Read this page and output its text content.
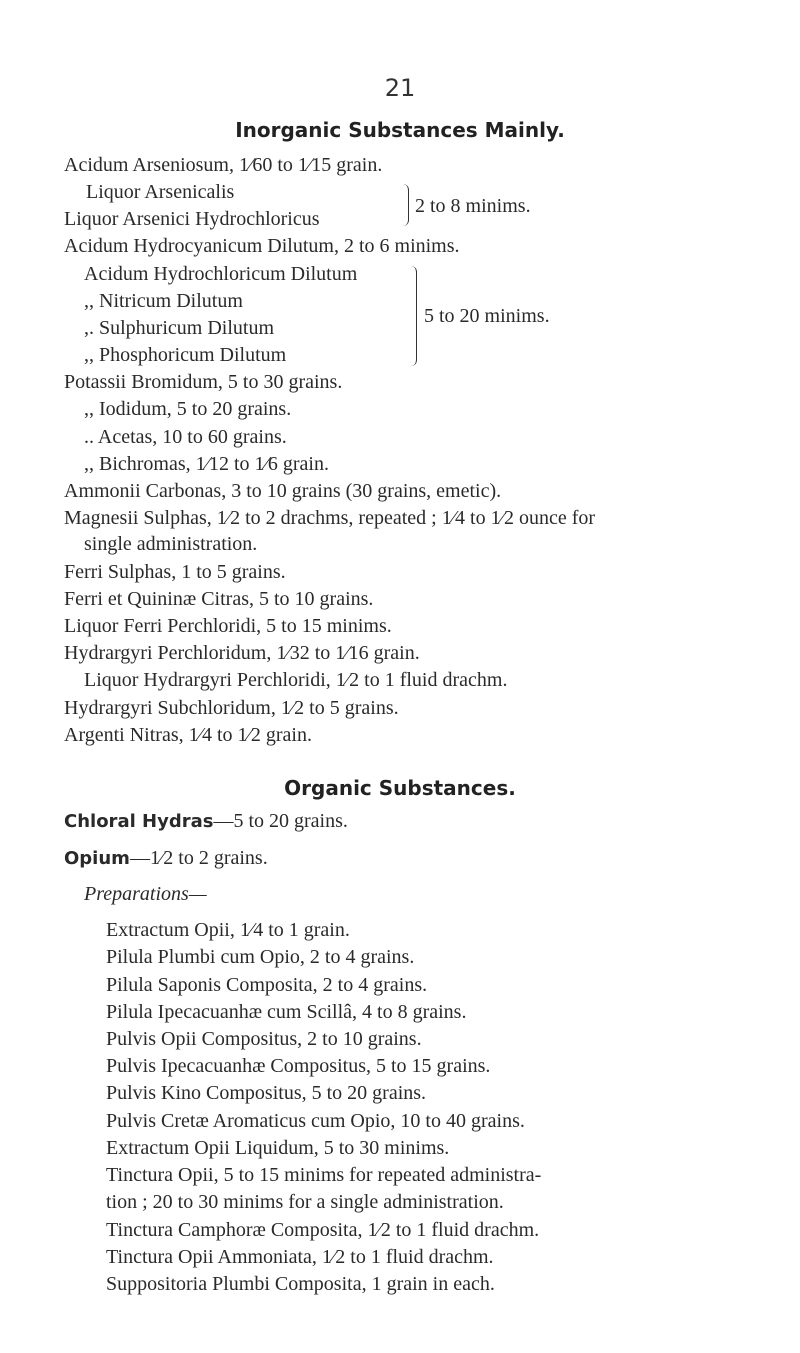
21
Inorganic Substances Mainly.
Acidum Arseniosum, 1⁄60 to 1⁄15 grain.
Liquor Arsenicalis
Liquor Arsenici Hydrochloricus
2 to 8 minims.
Acidum Hydrocyanicum Dilutum, 2 to 6 minims.
Acidum Hydrochloricum Dilutum
,, Nitricum Dilutum
,. Sulphuricum Dilutum
,, Phosphoricum Dilutum
5 to 20 minims.
Potassii Bromidum, 5 to 30 grains.
,, Iodidum, 5 to 20 grains.
.. Acetas, 10 to 60 grains.
,, Bichromas, 1⁄12 to 1⁄6 grain.
Ammonii Carbonas, 3 to 10 grains (30 grains, emetic).
Magnesii Sulphas, 1⁄2 to 2 drachms, repeated ; 1⁄4 to 1⁄2 ounce for
single administration.
Ferri Sulphas, 1 to 5 grains.
Ferri et Quininæ Citras, 5 to 10 grains.
Liquor Ferri Perchloridi, 5 to 15 minims.
Hydrargyri Perchloridum, 1⁄32 to 1⁄16 grain.
Liquor Hydrargyri Perchloridi, 1⁄2 to 1 fluid drachm.
Hydrargyri Subchloridum, 1⁄2 to 5 grains.
Argenti Nitras, 1⁄4 to 1⁄2 grain.
Organic Substances.
Chloral Hydras—5 to 20 grains.
Opium—1⁄2 to 2 grains.
Preparations—
Extractum Opii, 1⁄4 to 1 grain.
Pilula Plumbi cum Opio, 2 to 4 grains.
Pilula Saponis Composita, 2 to 4 grains.
Pilula Ipecacuanhæ cum Scillâ, 4 to 8 grains.
Pulvis Opii Compositus, 2 to 10 grains.
Pulvis Ipecacuanhæ Compositus, 5 to 15 grains.
Pulvis Kino Compositus, 5 to 20 grains.
Pulvis Cretæ Aromaticus cum Opio, 10 to 40 grains.
Extractum Opii Liquidum, 5 to 30 minims.
Tinctura Opii, 5 to 15 minims for repeated administra-
tion ; 20 to 30 minims for a single administration.
Tinctura Camphoræ Composita, 1⁄2 to 1 fluid drachm.
Tinctura Opii Ammoniata, 1⁄2 to 1 fluid drachm.
Suppositoria Plumbi Composita, 1 grain in each.
